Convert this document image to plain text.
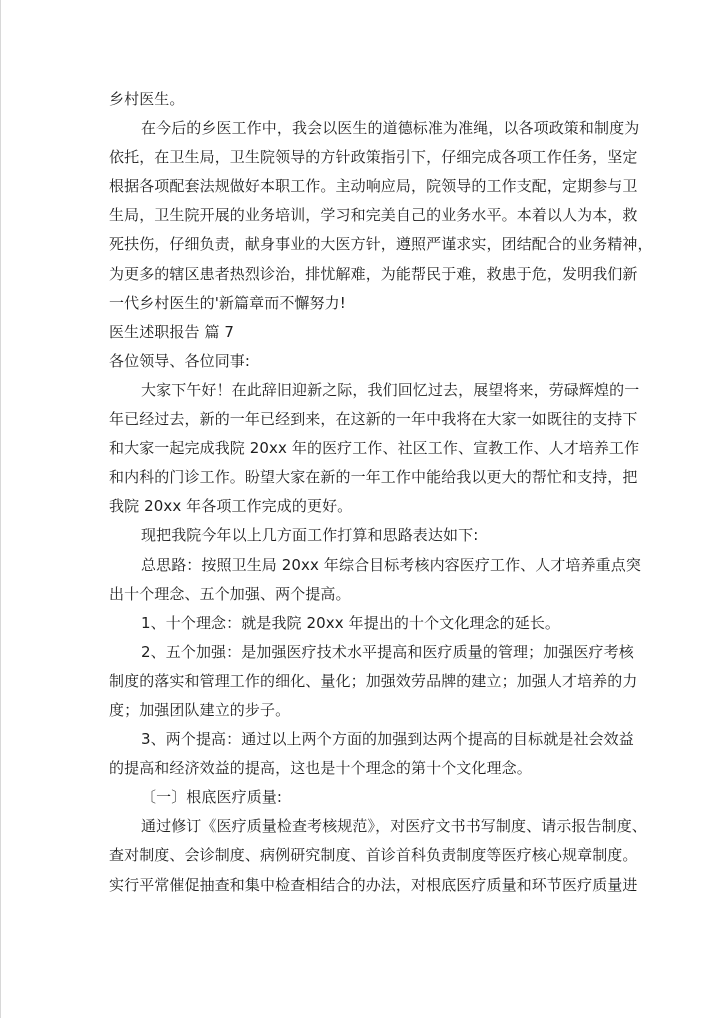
乡村医生。
在今后的乡医工作中，我会以医生的道德标准为准绳，以各项政策和制度为
依托，在卫生局，卫生院领导的方针政策指引下，仔细完成各项工作任务，坚定
根据各项配套法规做好本职工作。主动响应局，院领导的工作支配，定期参与卫
生局，卫生院开展的业务培训，学习和完美自己的业务水平。本着以人为本，救
死扶伤，仔细负责，献身事业的大医方针，遵照严谨求实，团结配合的业务精神，
为更多的辖区患者热烈诊治，排忧解难，为能帮民于难，救患于危，发明我们新
一代乡村医生的'新篇章而不懈努力!
医生述职报告 篇 7
各位领导、各位同事:
大家下午好！在此辞旧迎新之际，我们回忆过去，展望将来，劳碌辉煌的一
年已经过去，新的一年已经到来，在这新的一年中我将在大家一如既往的支持下
和大家一起完成我院 20xx 年的医疗工作、社区工作、宣教工作、人才培养工作
和内科的门诊工作。盼望大家在新的一年工作中能给我以更大的帮忙和支持，把
我院 20xx 年各项工作完成的更好。
现把我院今年以上几方面工作打算和思路表达如下:
总思路：按照卫生局 20xx 年综合目标考核内容医疗工作、人才培养重点突
出十个理念、五个加强、两个提高。
1、十个理念：就是我院 20xx 年提出的十个文化理念的延长。
2、五个加强：是加强医疗技术水平提高和医疗质量的管理；加强医疗考核
制度的落实和管理工作的细化、量化；加强效劳品牌的建立；加强人才培养的力
度；加强团队建立的步子。
3、两个提高：通过以上两个方面的加强到达两个提高的目标就是社会效益
的提高和经济效益的提高，这也是十个理念的第十个文化理念。
〔一〕根底医疗质量:
通过修订《医疗质量检查考核规范》，对医疗文书书写制度、请示报告制度、
查对制度、会诊制度、病例研究制度、首诊首科负责制度等医疗核心规章制度。
实行平常催促抽查和集中检查相结合的办法，对根底医疗质量和环节医疗质量进
